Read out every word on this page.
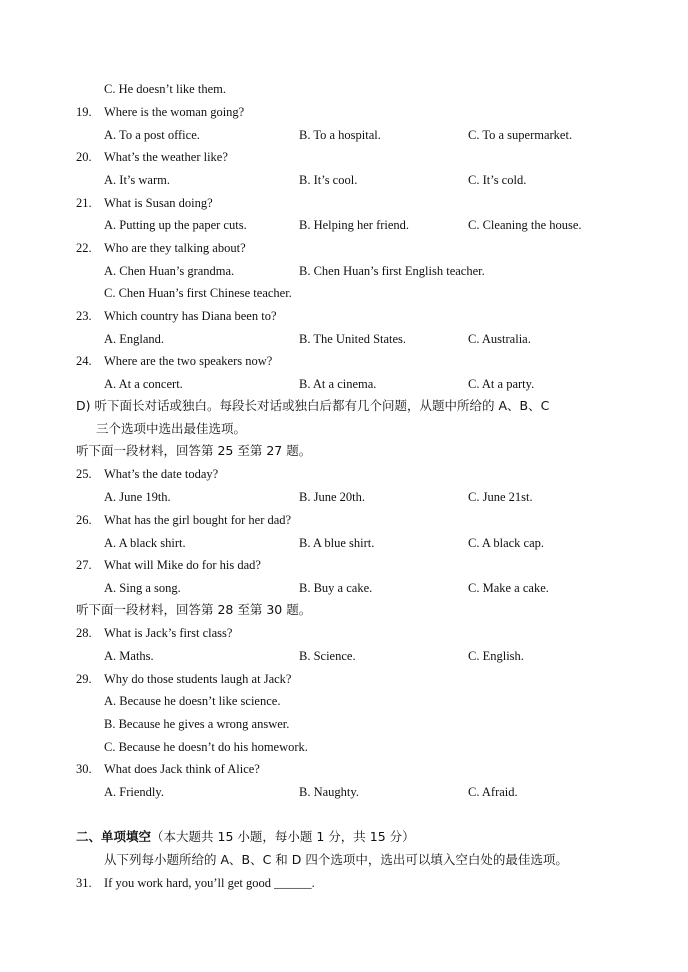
C. He doesn’t like them.
19. Where is the woman going?
A. To a post office.	B. To a hospital.	C. To a supermarket.
20. What’s the weather like?
A. It’s warm.	B. It’s cool.	C. It’s cold.
21. What is Susan doing?
A. Putting up the paper cuts.	B. Helping her friend.	C. Cleaning the house.
22. Who are they talking about?
A. Chen Huan’s grandma.	B. Chen Huan’s first English teacher.
C. Chen Huan’s first Chinese teacher.
23. Which country has Diana been to?
A. England.	B. The United States.	C. Australia.
24. Where are the two speakers now?
A. At a concert.	B. At a cinema.	C. At a party.
D) 听下面长对话或独白。每段长对话或独白后都有几个问题，从题中所给的 A、B、C
三个选项中选出最佳选项。
听下面一段材料，回答第 25 至第 27 题。
25. What’s the date today?
A. June 19th.	B. June 20th.	C. June 21st.
26. What has the girl bought for her dad?
A. A black shirt.	B. A blue shirt.	C. A black cap.
27. What will Mike do for his dad?
A. Sing a song.	B. Buy a cake.	C. Make a cake.
听下面一段材料，回答第 28 至第 30 题。
28. What is Jack’s first class?
A. Maths.	B. Science.	C. English.
29. Why do those students laugh at Jack?
A. Because he doesn’t like science.
B. Because he gives a wrong answer.
C. Because he doesn’t do his homework.
30. What does Jack think of Alice?
A. Friendly.	B. Naughty.	C. Afraid.
二、单项填空（本大题共 15 小题，每小题 1 分，共 15 分）
从下列每小题所给的 A、B、C 和 D 四个选项中，选出可以填入空白处的最佳选项。
31. If you work hard, you’ll get good ______.
